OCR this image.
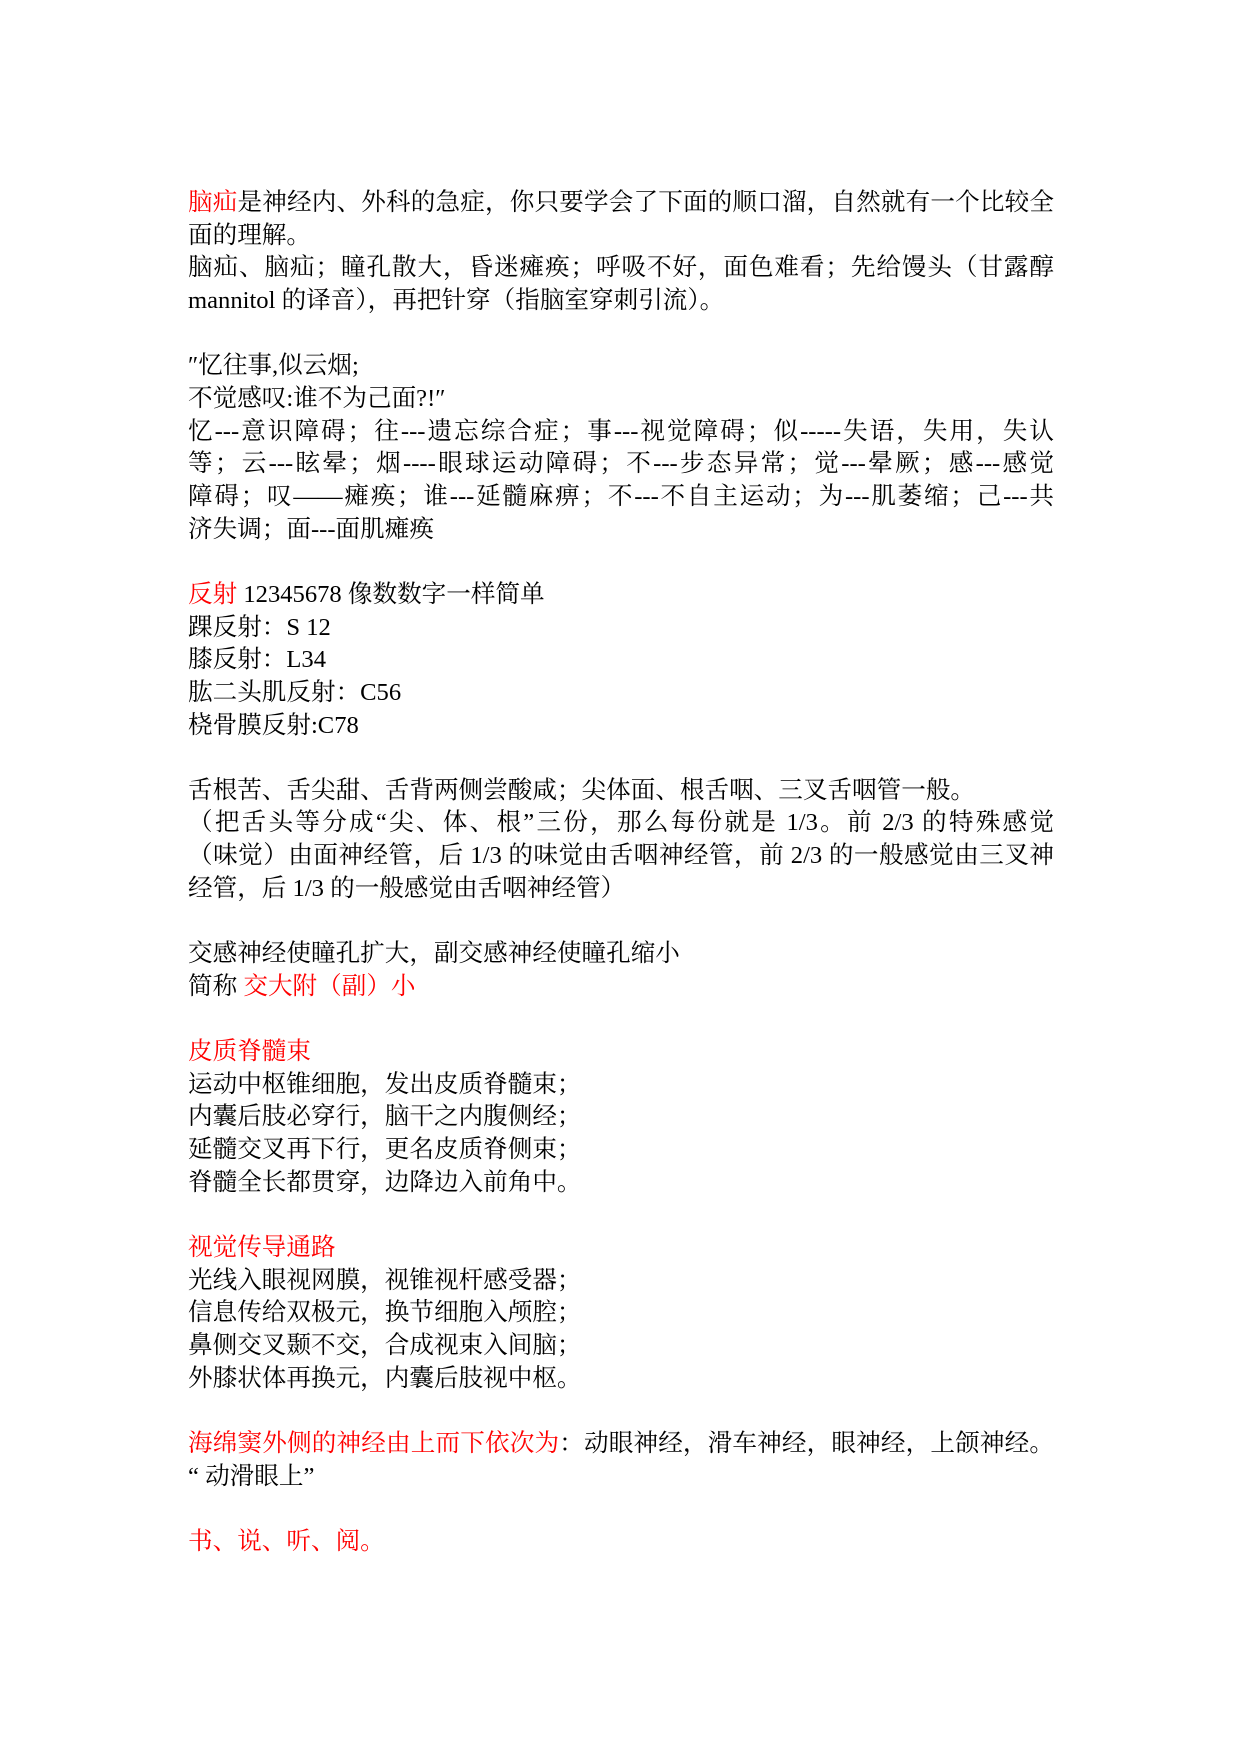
脑疝是神经内、外科的急症，你只要学会了下面的顺口溜，自然就有一个比较全
面的理解。
脑疝、脑疝；瞳孔散大，昏迷瘫痪；呼吸不好，面色难看；先给馒头（甘露醇
mannitol 的译音），再把针穿（指脑室穿刺引流）。
″忆往事,似云烟;
不觉感叹:谁不为己面?!″
忆---意识障碍；往---遗忘综合症；事---视觉障碍；似-----失语，失用，失认
等；云---眩晕；烟----眼球运动障碍；不---步态异常；觉---晕厥；感---感觉
障碍；叹——瘫痪；谁---延髓麻痹；不---不自主运动；为---肌萎缩；己---共
济失调；面---面肌瘫痪
反射 12345678 像数数字一样简单
踝反射：S 12
膝反射：L34
肱二头肌反射：C56
桡骨膜反射:C78
舌根苦、舌尖甜、舌背两侧尝酸咸；尖体面、根舌咽、三叉舌咽管一般。
（把舌头等分成“尖、体、根”三份，那么每份就是 1/3。前 2/3 的特殊感觉
（味觉）由面神经管，后 1/3 的味觉由舌咽神经管，前 2/3 的一般感觉由三叉神
经管，后 1/3 的一般感觉由舌咽神经管）
交感神经使瞳孔扩大，副交感神经使瞳孔缩小
简称 交大附（副）小
皮质脊髓束
运动中枢锥细胞，发出皮质脊髓束；
内囊后肢必穿行，脑干之内腹侧经；
延髓交叉再下行，更名皮质脊侧束；
脊髓全长都贯穿，边降边入前角中。
视觉传导通路
光线入眼视网膜，视锥视杆感受器；
信息传给双极元，换节细胞入颅腔；
鼻侧交叉颞不交，合成视束入间脑；
外膝状体再换元，内囊后肢视中枢。
海绵窦外侧的神经由上而下依次为：动眼神经，滑车神经，眼神经，上颌神经。
“ 动滑眼上”
书、说、听、阅。
